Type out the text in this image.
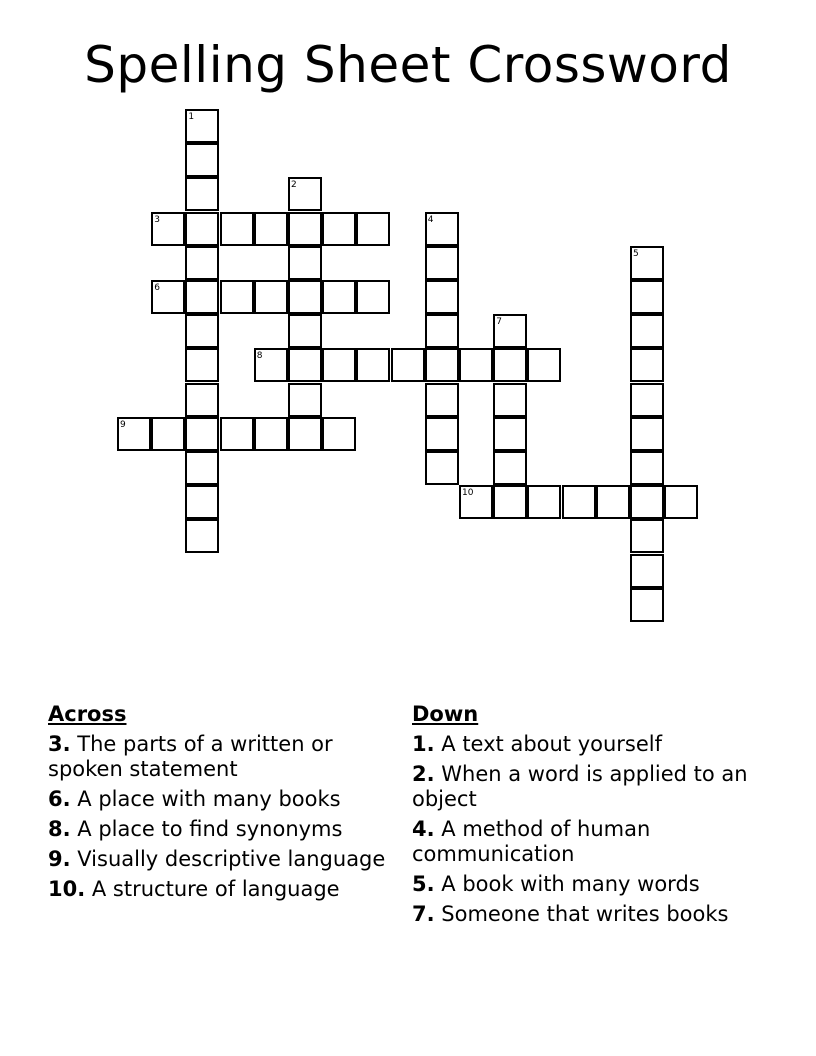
Spelling Sheet Crossword
1
2
3	4
5
6
7
8
9
10
Across
3. The parts of a written or spoken statement
6. A place with many books
8. A place to find synonyms
9. Visually descriptive language
10. A structure of language
Down
1. A text about yourself
2. When a word is applied to an object
4. A method of human communication
5. A book with many words
7. Someone that writes books
